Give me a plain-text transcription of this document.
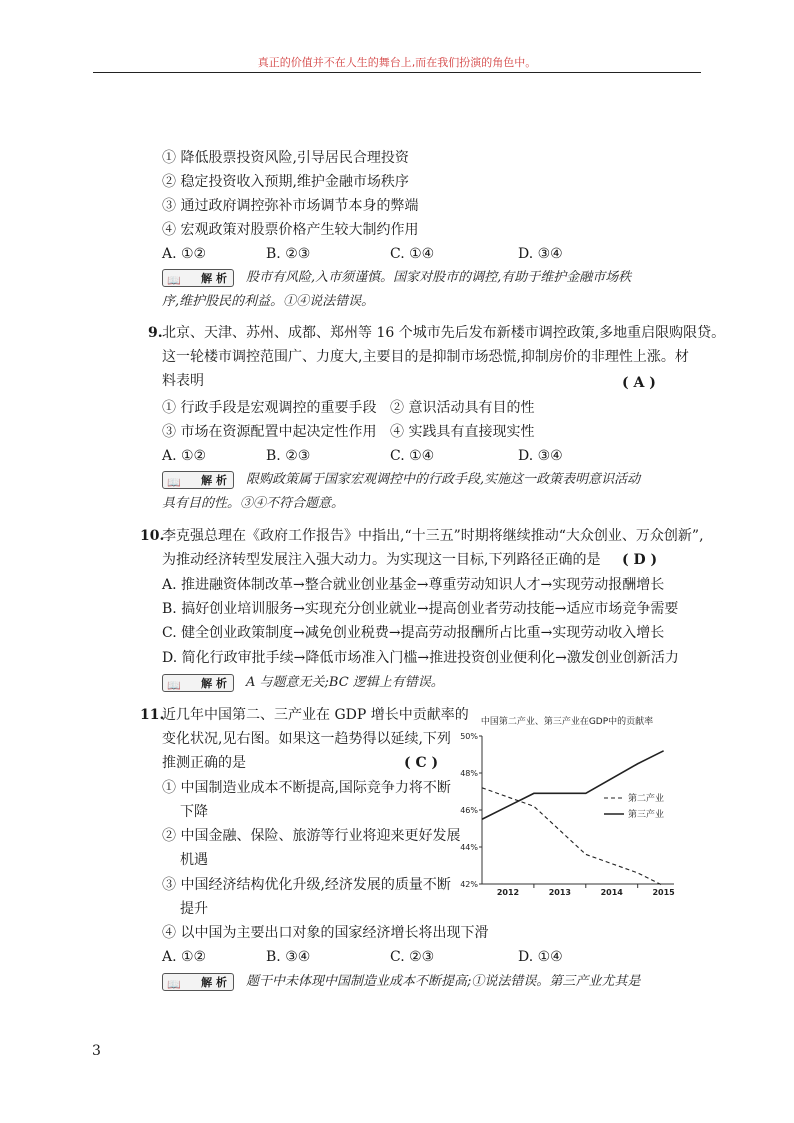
真正的价值并不在人生的舞台上,而在我们扮演的角色中。
① 降低股票投资风险,引导居民合理投资
② 稳定投资收入预期,维护金融市场秩序
③ 通过政府调控弥补市场调节本身的弊端
④ 宏观政策对股票价格产生较大制约作用
A. ①②	B. ②③	C. ①④	D. ③④
📖 解 析	股市有风险,入市须谨慎。国家对股市的调控,有助于维护金融市场秩
序,维护股民的利益。①④说法错误。
9. 北京、天津、苏州、成都、郑州等 16 个城市先后发布新楼市调控政策,多地重启限购限贷。
这一轮楼市调控范围广、力度大,主要目的是抑制市场恐慌,抑制房价的非理性上涨。材
料表明	( A )
① 行政手段是宏观调控的重要手段 ② 意识活动具有目的性
③ 市场在资源配置中起决定性作用 ④ 实践具有直接现实性
A. ①②	B. ②③	C. ①④	D. ③④
📖 解 析	限购政策属于国家宏观调控中的行政手段,实施这一政策表明意识活动
具有目的性。③④不符合题意。
10.
李克强总理在《政府工作报告》中指出,“十三五”时期将继续推动“大众创业、万众创新”,
为推动经济转型发展注入强大动力。为实现这一目标,下列路径正确的是 ( D )
A. 推进融资体制改革→整合就业创业基金→尊重劳动知识人才→实现劳动报酬增长
B. 搞好创业培训服务→实现充分创业就业→提高创业者劳动技能→适应市场竞争需要
C. 健全创业政策制度→减免创业税费→提高劳动报酬所占比重→实现劳动收入增长
D. 简化行政审批手续→降低市场准入门槛→推进投资创业便利化→激发创业创新活力
📖 解 析	A 与题意无关;BC 逻辑上有错误。
11.
近几年中国第二、三产业在 GDP 增长中贡献率的
变化状况,见右图。如果这一趋势得以延续,下列
推测正确的是	( C )
① 中国制造业成本不断提高,国际竞争力将不断
下降
② 中国金融、保险、旅游等行业将迎来更好发展
机遇
③ 中国经济结构优化升级,经济发展的质量不断
提升
④ 以中国为主要出口对象的国家经济增长将出现下滑
A. ①②	B. ③④	C. ②③	D. ①④
📖 解 析	题干中未体现中国制造业成本不断提高;①说法错误。第三产业尤其是
中国第二产业、第三产业在GDP中的贡献率
42%
44%
46%
48%
50%
2012	2013	2014	2015
第二产业
第三产业
3
